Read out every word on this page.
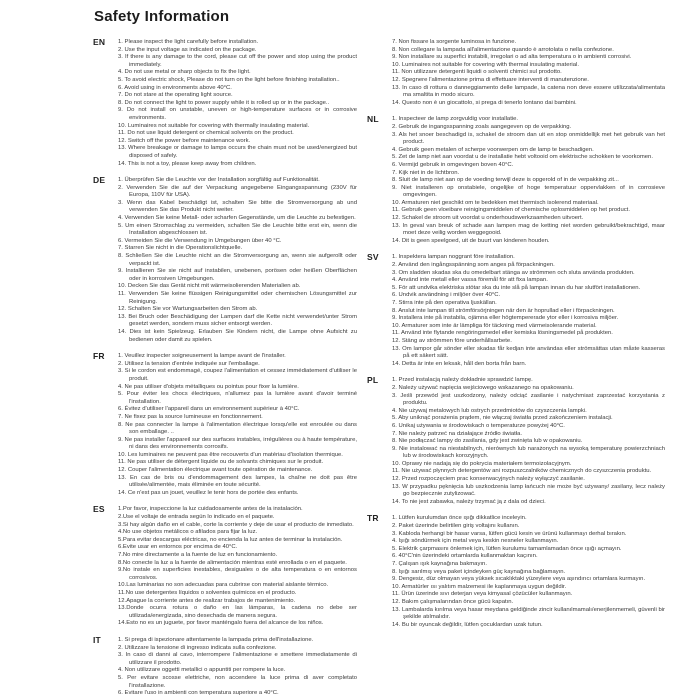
Safety Information
EN	1. Please inspect the light carefully before installation.
2. Use the input voltage as indicated on the package.
3. If there is any damage to the cord, please cut off the power and stop using the product immediately.
4. Do not use metal or sharp objects to fix the light.
5. To avoid electric shock, Please do not turn on the light before finishing installation..
6. Avoid using in environments above 40°C.
7. Do not stare at the operating light source.
8. Do not connect the light to power supply while it is rolled up or in the package..
9. Do not install on unstable, uneven or high-temperature surfaces or in corrosive environments.
10. Luminaires not suitable for covering with thermally insulating material.
11. Do not use liquid detergent or chemical solvents on the product.
12. Switch off the power before maintenance work.
13. Where breakage or damage to lamps occurs the chain must not be used/energized but disposed of safely.
14. This is not a toy, please keep away from children.
DE	1. Überprüfen Sie die Leuchte vor der Installation sorgfältig auf Funktionalität.
2. Verwenden Sie die auf der Verpackung angegebene Eingangsspannung (230V für Europa, 110V für USA).
3. Wenn das Kabel beschädigt ist, schalten Sie bitte die Stromversorgung ab und verwenden Sie das Produkt nicht weiter.
4. Verwenden Sie keine Metall- oder scharfen Gegenstände, um die Leuchte zu befestigen.
5. Um einen Stromschlag zu vermeiden, schalten Sie die Leuchte bitte erst ein, wenn die Installation abgeschlossen ist.
6. Vermeiden Sie die Verwendung in Umgebungen über 40 °C.
7. Starren Sie nicht in die Operationslichtquelle.
8. Schließen Sie die Leuchte nicht an die Stromversorgung an, wenn sie aufgerollt oder verpackt ist.
9. Installieren Sie sie nicht auf instabilen, unebenen, porösen oder heißen Oberflächen oder in korrosiven Umgebungen.
10. Decken Sie das Gerät nicht mit wärmeisolierenden Materialien ab.
11. Verwenden Sie keine flüssigen Reinigungsmittel oder chemischen Lösungsmittel zur Reinigung.
12. Schalten Sie vor Wartungsarbeiten den Strom ab.
13. Bei Bruch oder Beschädigung der Lampen darf die Kette nicht verwendet/unter Strom gesetzt werden, sondern muss sicher entsorgt werden.
14. Dies ist kein Spielzeug. Erlauben Sie Kindern nicht, die Lampe ohne Aufsicht zu bedienen oder damit zu spielen.
FR	1. Veuillez inspecter soigneusement la lampe avant de l'installer.
2. Utilisez la tension d'entrée indiquée sur l'emballage.
3. Si le cordon est endommagé, coupez l'alimentation et cessez immédiatement d'utiliser le produit.
4. Ne pas utiliser d'objets métalliques ou pointus pour fixer la lumière.
5. Pour éviter les chocs électriques, n'allumez pas la lumière avant d'avoir terminé l'installation.
6. Évitez d'utiliser l'appareil dans un environnement supérieur à 40°C.
7. Ne fixez pas la source lumineuse en fonctionnement.
8. Ne pas connecter la lampe à l'alimentation électrique lorsqu'elle est enroulée ou dans son emballage. ..
9. Ne pas installer l'appareil sur des surfaces instables, irrégulières ou à haute température, ni dans des environnements corrosifs.
10. Les luminaires ne peuvent pas être recouverts d'un matériau d'isolation thermique.
11. Ne pas utiliser de détergent liquide ou de solvants chimiques sur le produit.
12. Couper l'alimentation électrique avant toute opération de maintenance.
13. En cas de bris ou d'endommagement des lampes, la chaîne ne doit pas être utilisée/alimentée, mais éliminée en toute sécurité.
14. Ce n'est pas un jouet, veuillez le tenir hors de portée des enfants.
ES	1.Por favor, inspeccione la luz cuidadosamente antes de la instalación.
2.Use el voltaje de entrada según lo indicado en el paquete.
3.Si hay algún daño en el cable, corte la corriente y deje de usar el producto de inmediato.
4.No use objetos metálicos o afilados para fijar la luz.
5.Para evitar descargas eléctricas, no encienda la luz antes de terminar la instalación.
6.Evite usar en entornos por encima de 40°C.
7.No mire directamente a la fuente de luz en funcionamiento.
8.No conecte la luz a la fuente de alimentación mientras esté enrollada o en el paquete.
9.No instale en superficies inestables, desiguales o de alta temperatura o en entornos corrosivos.
10.Las luminarias no son adecuadas para cubrirse con material aislante térmico.
11.No use detergentes líquidos o solventes químicos en el producto.
12.Apague la corriente antes de realizar trabajos de mantenimiento.
13.Donde ocurra rotura o daño en las lámparas, la cadena no debe ser utilizada/energizada, sino desechada de manera segura.
14.Esto no es un juguete, por favor manténgalo fuera del alcance de los niños.
IT	1. Si prega di ispezionare attentamente la lampada prima dell'installazione.
2. Utilizzare la tensione di ingresso indicata sulla confezione.
3. In caso di danni al cavo, interrompere l'alimentazione e smettere immediatamente di utilizzare il prodotto.
4. Non utilizzare oggetti metallici o appuntiti per rompere la luce.
5. Per evitare scosse elettriche, non accendere la luce prima di aver completato l'installazione.
6. Evitare l'uso in ambienti con temperatura superiore a 40°C.
7. Non fissare la sorgente luminosa in funzione.
8. Non collegare la lampada all'alimentazione quando è arrotolata o nella confezione.
9. Non installare su superfici instabili, irregolari o ad alta temperatura o in ambienti corrosivi.
10. Luminaires not suitable for covering with thermal insulating material.
11. Non utilizzare detergenti liquidi o solventi chimici sul prodotto.
12. Spegnere l'alimentazione prima di effettuare interventi di manutenzione.
13. In caso di rottura o danneggiamento delle lampade, la catena non deve essere utilizzata/alimentata ma smaltita in modo sicuro.
14. Questo non è un giocattolo, si prega di tenerlo lontano dai bambini.
NL	1. Inspecteer de lamp zorgvuldig voor installatie.
2. Gebruik de ingangsspanning zoals aangegeven op de verpakking.
3. Als het snoer beschadigd is, schakel de stroom dan uit en stop onmiddellijk met het gebruik van het product.
4. Gebruik geen metalen of scherpe voorwerpen om de lamp te beschadigen.
5. Zet de lamp niet aan voordat u de installatie hebt voltooid om elektrische schokken te voorkomen.
6. Vermijd gebruik in omgevingen boven 40°C.
7. Kijk niet in de lichtbron.
8. Sluit de lamp niet aan op de voeding terwijl deze is opgerold of in de verpakking zit...
9. Niet installeren op onstabiele, ongelijke of hoge temperatuur oppervlakken of in corrosieve omgevingen.
10. Armaturen niet geschikt om te bedekken met thermisch isolerend materiaal.
11. Gebruik geen vloeibare reinigingsmiddelen of chemische oplosmiddelen op het product.
12. Schakel de stroom uit voordat u onderhoudswerkzaamheden uitvoert.
13. In geval van breuk of schade aan lampen mag de ketting niet worden gebruikt/bekrachtigd, maar moet deze veilig worden weggegooid.
14. Dit is geen speelgoed, uit de buurt van kinderen houden.
SV	1. Inspektera lampan noggrant före installation.
2. Använd den ingångsspänning som anges på förpackningen.
3. Om sladden skadas ska du omedelbart stänga av strömmen och sluta använda produkten.
4. Använd inte metall eller vassa föremål för att fixa lampan.
5. För att undvika elektriska stötar ska du inte slå på lampan innan du har slutfört installationen.
6. Undvik användning i miljöer över 40°C.
7. Stirra inte på den operativa ljuskällan.
8. Anslut inte lampan till strömförsörjningen när den är hoprullad eller i förpackningen.
9. Installera inte på instabila, ojämna eller högtempererade ytor eller i korrosiva miljöer.
10. Armaturer som inte är lämpliga för täckning med värmeisolerande material.
11. Använd inte flytande rengöringsmedel eller kemiska lösningsmedel på produkten.
12. Stäng av strömmen före underhållsarbete.
13. Om lampor går sönder eller skadas får kedjan inte användas eller strömsättas utan måste kasseras på ett säkert sätt.
14. Detta är inte en leksak, håll den borta från barn.
PL	1. Przed instalacją należy dokładnie sprawdzić lampę.
2. Należy używać napięcia wejściowego wskazanego na opakowaniu.
3. Jeśli przewód jest uszkodzony, należy odciąć zasilanie i natychmiast zaprzestać korzystania z produktu.
4. Nie używaj metalowych lub ostrych przedmiotów do czyszczenia lampki.
5. Aby uniknąć porażenia prądem, nie włączaj światła przed zakończeniem instalacji.
6. Unikaj używania w środowiskach o temperaturze powyżej 40°C.
7. Nie należy patrzeć na działające źródło światła.
8. Nie podłączać lampy do zasilania, gdy jest zwinięta lub w opakowaniu.
9. Nie instalować na niestabilnych, nierównych lub narażonych na wysoką temperaturę powierzchniach lub w środowiskach korozyjnych.
10. Oprawy nie nadają się do pokrycia materiałem termoizolacyjnym.
11. Nie używać płynnych detergentów ani rozpuszczalników chemicznych do czyszczenia produktu.
12. Przed rozpoczęciem prac konserwacyjnych należy wyłączyć zasilanie.
13. W przypadku pęknięcia lub uszkodzenia lamp łańcuch nie może być używany/ zasilany, lecz należy go bezpiecznie zutylizować.
14. To nie jest zabawka, należy trzymać ją z dala od dzieci.
TR	1. Lütfen kurulumdan önce ışığı dikkatlice inceleyin.
2. Paket üzerinde belirtilen giriş voltajını kullanın.
3. Kabloda herhangi bir hasar varsa, lütfen gücü kesin ve ürünü kullanmayı derhal bırakın.
4. Işığı söndürmek için metal veya keskin nesneler kullanmayın.
5. Elektrik çarpmasını önlemek için, lütfen kurulumu tamamlamadan önce ışığı açmayın.
6. 40°C'nin üzerindeki ortamlarda kullanmaktan kaçının.
7. Çalışan ışık kaynağına bakmayın.
8. Işığı sarılmış veya paket içindeyken güç kaynağına bağlamayın.
9. Dengesiz, düz olmayan veya yüksek sıcaklıktaki yüzeylere veya aşındırıcı ortamlara kurmayın.
10. Armatürler ısı yalıtım malzemesi ile kaplanmaya uygun değildir.
11. Ürün üzerinde sıvı deterjan veya kimyasal çözücüler kullanmayın.
12. Bakım çalışmalarından önce gücü kapatın.
13. Lambalarda kırılma veya hasar meydana geldiğinde zincir kullanılmamalı/enerjilenmemeli, güvenli bir şekilde atılmalıdır.
14. Bu bir oyuncak değildir, lütfen çocuklardan uzak tutun.
